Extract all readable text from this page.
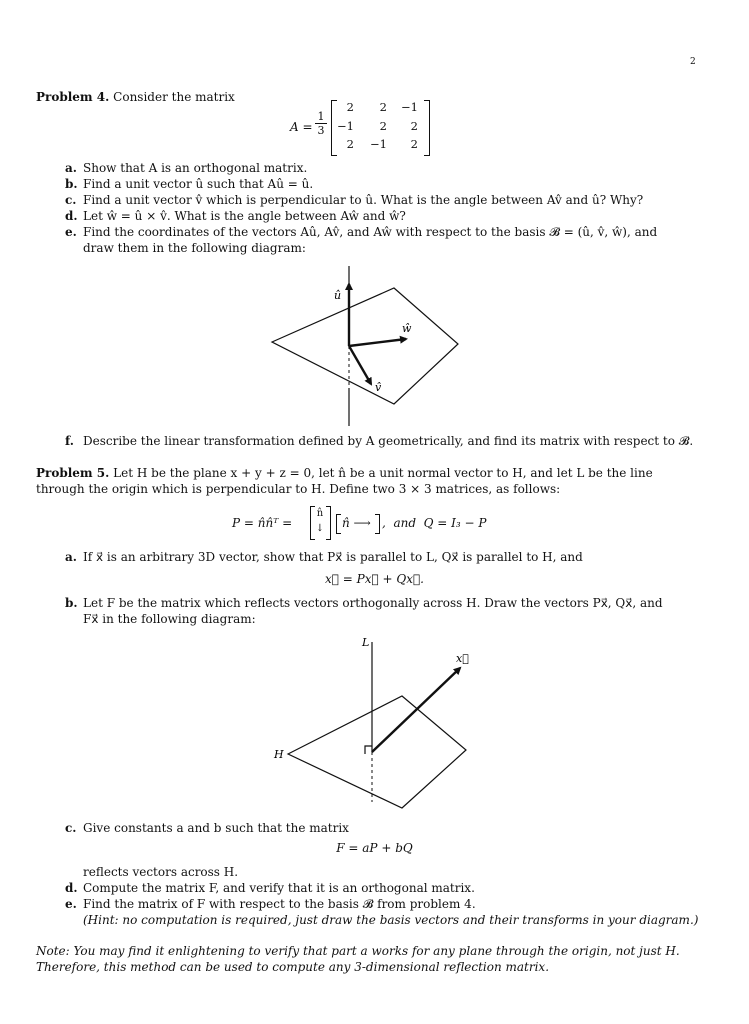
2
Problem 4. Consider the matrix
$A = \frac{1}{3}$
2	2	−1
−1	2	2
2	−1	2
a. Show that A is an orthogonal matrix.
b. Find a unit vector û such that Aû = û.
c. Find a unit vector v̂ which is perpendicular to û. What is the angle between Av̂ and û? Why?
d. Let ŵ = û × v̂. What is the angle between Aŵ and ŵ?
e. Find the coordinates of the vectors Aû, Av̂, and Aŵ with respect to the basis 𝓑 = (û, v̂, ŵ), and
draw them in the following diagram:
û
ŵ
v̂
f. Describe the linear transformation defined by A geometrically, and find its matrix with respect to 𝓑.
Problem 5. Let H be the plane x + y + z = 0, let n̂ be a unit normal vector to H, and let L be the line
through the origin which is perpendicular to H. Define two 3 × 3 matrices, as follows:
P = n̂n̂ᵀ =
n̂
↓ n̂ ⟶ ,  and  Q = I₃ − P
a. If x⃗ is an arbitrary 3D vector, show that Px⃗ is parallel to L, Qx⃗ is parallel to H, and
x⃗ = Px⃗ + Qx⃗.
b. Let F be the matrix which reflects vectors orthogonally across H. Draw the vectors Px⃗, Qx⃗, and
Fx⃗ in the following diagram:
L
x⃗
H
c. Give constants a and b such that the matrix
F = aP + bQ
reflects vectors across H.
d. Compute the matrix F, and verify that it is an orthogonal matrix.
e. Find the matrix of F with respect to the basis 𝓑 from problem 4.
(Hint: no computation is required, just draw the basis vectors and their transforms in your diagram.)
Note: You may find it enlightening to verify that part a works for any plane through the origin, not just H.
Therefore, this method can be used to compute any 3-dimensional reflection matrix.
